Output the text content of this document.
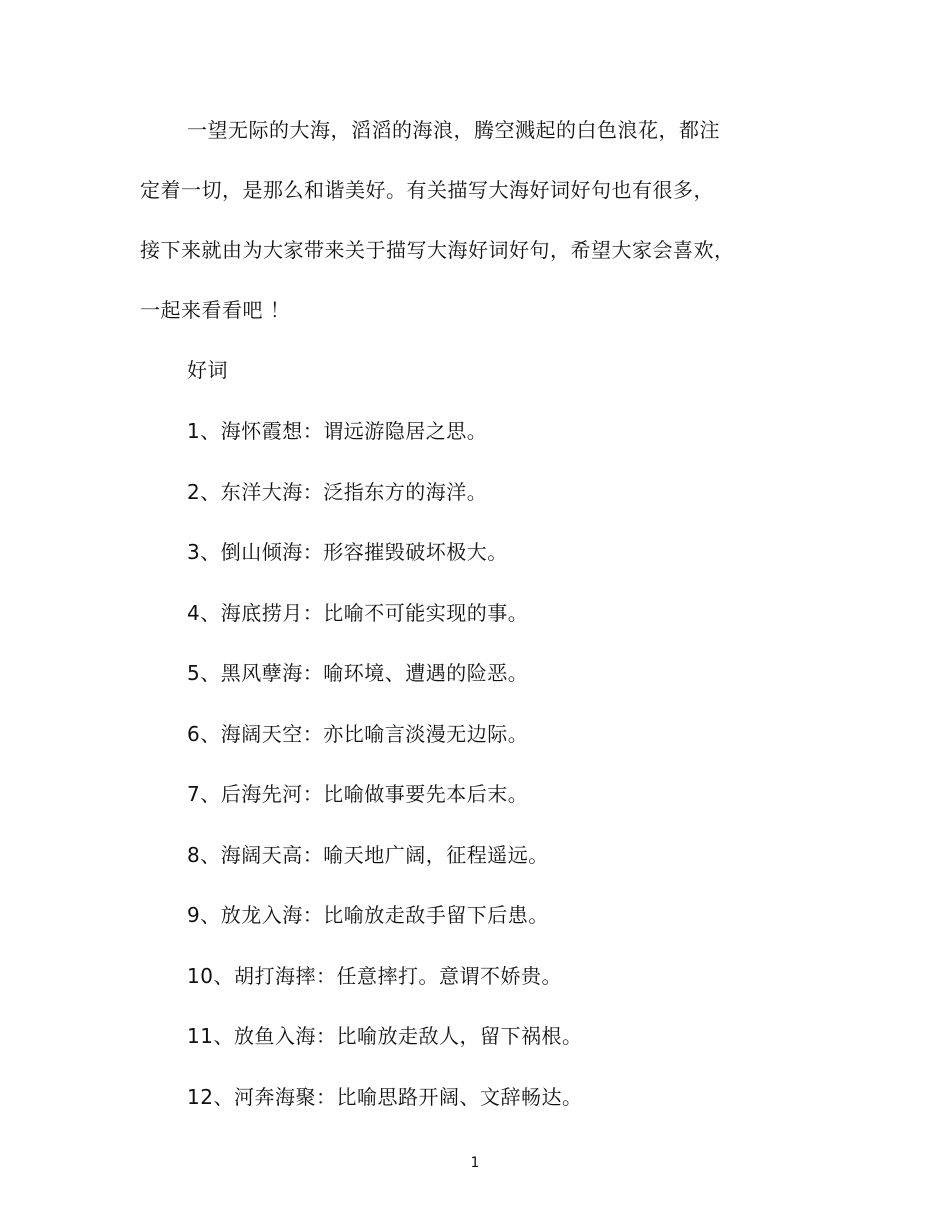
一望无际的大海，滔滔的海浪，腾空溅起的白色浪花，都注
定着一切，是那么和谐美好。有关描写大海好词好句也有很多，
接下来就由为大家带来关于描写大海好词好句，希望大家会喜欢，
一起来看看吧 ！
好词
1、海怀霞想：谓远游隐居之思。
2、东洋大海：泛指东方的海洋。
3、倒山倾海：形容摧毁破坏极大。
4、海底捞月：比喻不可能实现的事。
5、黑风孽海：喻环境、遭遇的险恶。
6、海阔天空：亦比喻言淡漫无边际。
7、后海先河：比喻做事要先本后末。
8、海阔天高：喻天地广阔，征程遥远。
9、放龙入海：比喻放走敌手留下后患。
10、胡打海摔：任意摔打。意谓不娇贵。
11、放鱼入海：比喻放走敌人，留下祸根。
12、河奔海聚：比喻思路开阔、文辞畅达。
1
